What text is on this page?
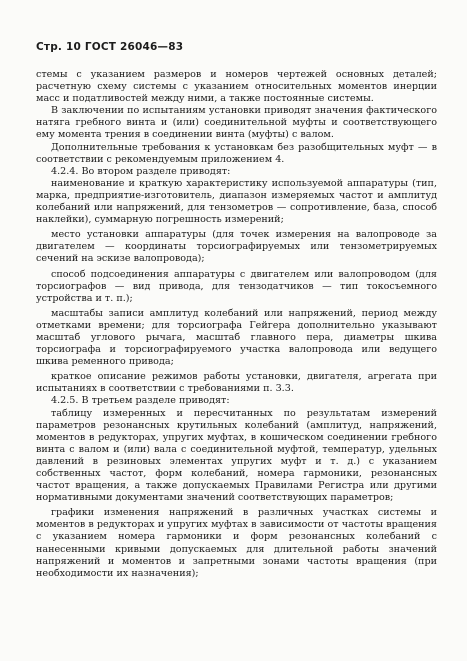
Стр. 10 ГОСТ 26046—83

стемы с указанием размеров и номеров чертежей основных деталей; расчетную схему системы с указанием относительных моментов инерции масс и податливостей между ними, а также постоянные системы.

В заключении по испытаниям установки приводят значения фактического натяга гребного винта и (или) соединительной муфты и соответствующего ему момента трения в соединении винта (муфты) с валом.

Дополнительные требования к установкам без разобщительных муфт — в соответствии с рекомендуемым приложением 4.

4.2.4. Во втором разделе приводят:

наименование и краткую характеристику используемой аппаратуры (тип, марка, предприятие-изготовитель, диапазон измеряемых частот и амплитуд колебаний или напряжений, для тензометров — сопротивление, база, способ наклейки), суммарную погрешность измерений;

место установки аппаратуры (для точек измерения на валопроводе за двигателем — координаты торсиографируемых или тензометрируемых сечений на эскизе валопровода);

способ подсоединения аппаратуры с двигателем или валопроводом (для торсиографов — вид привода, для тензодатчиков — тип токосъемного устройства и т. п.);

масштабы записи амплитуд колебаний или напряжений, период между отметками времени; для торсиографа Гейгера дополнительно указывают масштаб углового рычага, масштаб главного пера, диаметры шкива торсиографа и торсиографируемого участка валопровода или ведущего шкива ременного привода;

краткое описание режимов работы установки, двигателя, агрегата при испытаниях в соответствии с требованиями п. 3.3.

4.2.5. В третьем разделе приводят:

таблицу измеренных и пересчитанных по результатам измерений параметров резонансных крутильных колебаний (амплитуд, напряжений, моментов в редукторах, упругих муфтах, в кошическом соединении гребного винта с валом и (или) вала с соединительной муфтой, температур, удельных давлений в резиновых элементах упругих муфт и т. д.) с указанием собственных частот, форм колебаний, номера гармоники, резонансных частот вращения, а также допускаемых Правилами Регистра или другими нормативными документами значений соответствующих параметров;

графики изменения напряжений в различных участках системы и моментов в редукторах и упругих муфтах в зависимости от частоты вращения с указанием номера гармоники и форм резонансных колебаний с нанесенными кривыми допускаемых для длительной работы значений напряжений и моментов и запретными зонами частоты вращения (при необходимости их назначения);
